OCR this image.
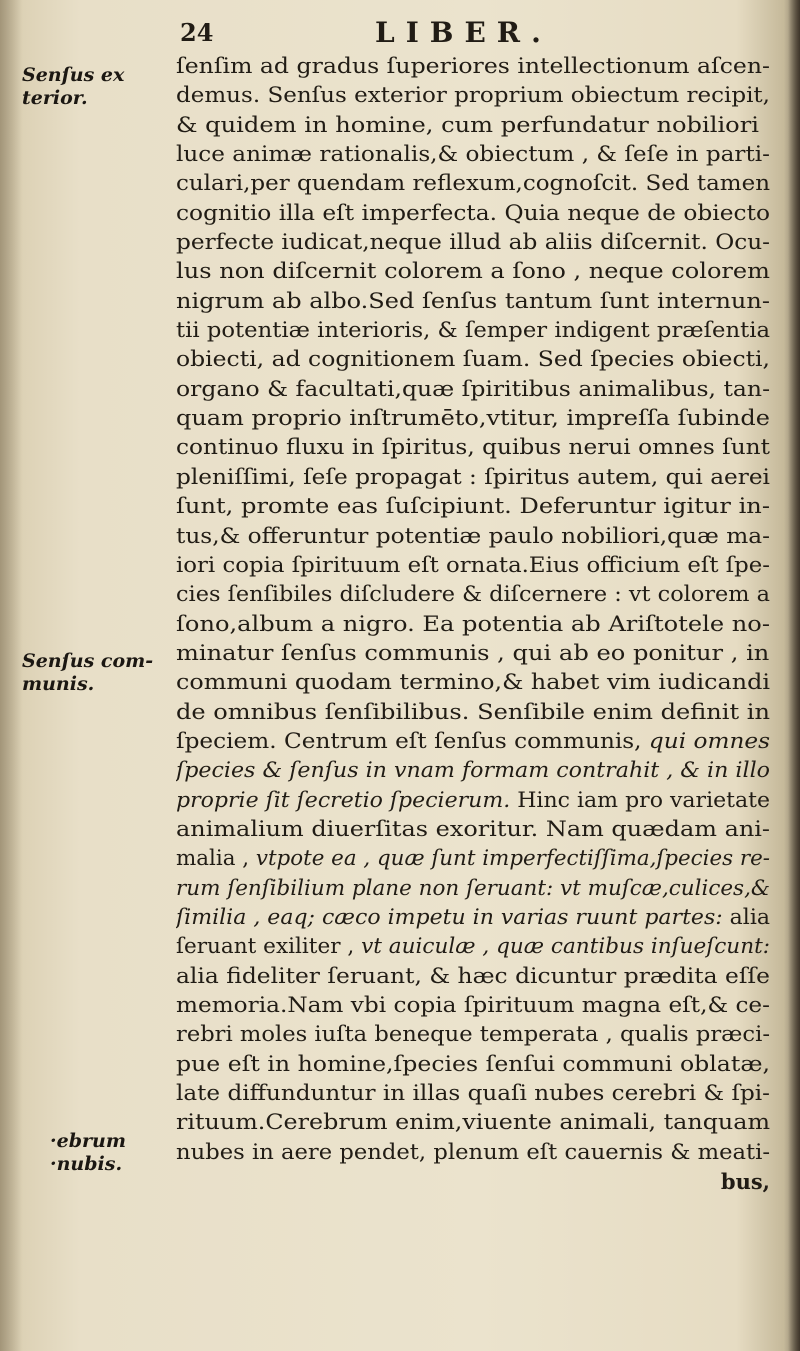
24	LIBER.
Senſus ex
terior.
Senſus com-
munis.
·ebrum
·nubis.
ſenſim ad gradus ſuperiores intellectionum aſcen-
demus. Senſus exterior proprium obiectum recipit,
& quidem in homine, cum perfundatur nobiliori
luce animæ rationalis,& obiectum , & ſeſe in parti-
culari,per quendam reflexum,cognoſcit. Sed tamen
cognitio illa eſt imperfecta. Quia neque de obiecto
perfecte iudicat,neque illud ab aliis diſcernit. Ocu-
lus non diſcernit colorem a ſono , neque colorem
nigrum ab albo.Sed ſenſus tantum ſunt internun-
tii potentiæ interioris, & ſemper indigent præſentia
obiecti, ad cognitionem ſuam. Sed ſpecies obiecti,
organo & facultati,quæ ſpiritibus animalibus, tan-
quam proprio inſtrumēto,vtitur, impreſſa ſubinde
continuo fluxu in ſpiritus, quibus nerui omnes ſunt
pleniſſimi, ſeſe propagat : ſpiritus autem, qui aerei
ſunt, promte eas ſuſcipiunt. Deferuntur igitur in-
tus,& offeruntur potentiæ paulo nobiliori,quæ ma-
iori copia ſpirituum eſt ornata.Eius officium eſt ſpe-
cies ſenſibiles diſcludere & diſcernere : vt colorem a
ſono,album a nigro. Ea potentia ab Ariſtotele no-
minatur ſenſus communis , qui ab eo ponitur , in
communi quodam termino,& habet vim iudicandi
de omnibus ſenſibilibus. Senſibile enim definit in
ſpeciem. Centrum eſt ſenſus communis, qui omnes
ſpecies & ſenſus in vnam formam contrahit , & in illo
proprie ſit ſecretio ſpecierum. Hinc iam pro varietate
animalium diuerſitas exoritur. Nam quædam ani-
malia , vtpote ea , quæ ſunt imperfectiſſima,ſpecies re-
rum ſenſibilium plane non ſeruant: vt muſcæ,culices,&
ſimilia , eaq; cæco impetu in varias ruunt partes: alia
ſeruant exiliter , vt auiculæ , quæ cantibus inſueſcunt:
alia fideliter ſeruant, & hæc dicuntur prædita eſſe
memoria.Nam vbi copia ſpirituum magna eſt,& ce-
rebri moles iuſta beneque temperata , qualis præci-
pue eſt in homine,ſpecies ſenſui communi oblatæ,
late diffunduntur in illas quaſi nubes cerebri & ſpi-
rituum.Cerebrum enim,viuente animali, tanquam
nubes in aere pendet, plenum eſt cauernis & meati-
bus,
